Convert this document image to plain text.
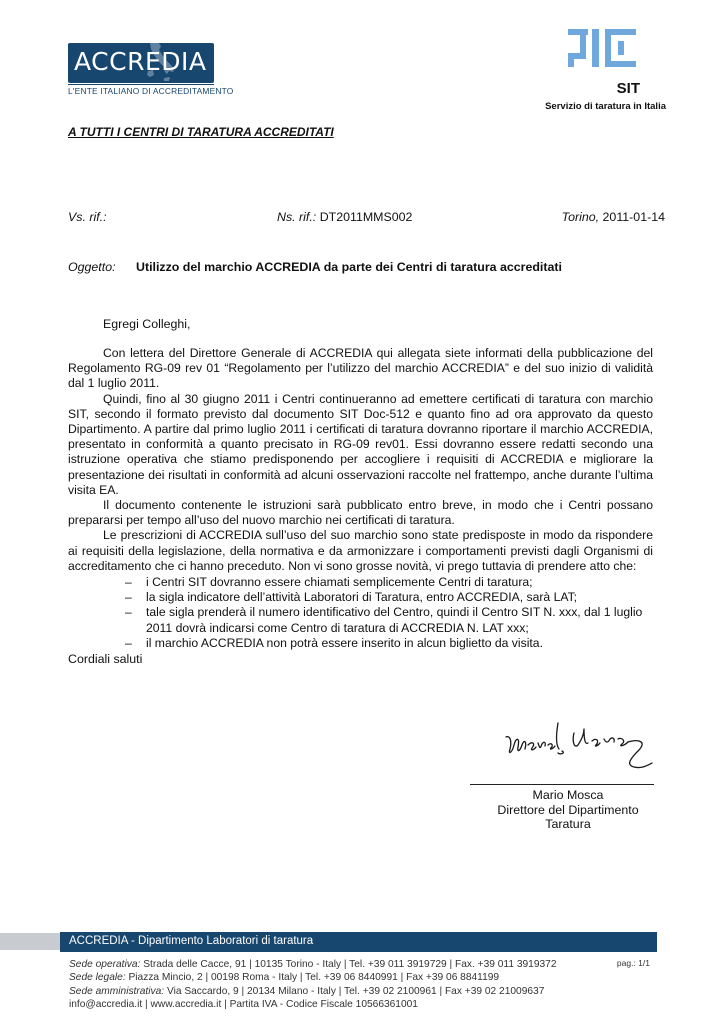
ACCREDIA
L'ENTE ITALIANO DI ACCREDITAMENTO	SIT
Servizio di taratura in Italia
A TUTTI I CENTRI DI TARATURA ACCREDITATI
Vs. rif.:	Ns. rif.: DT2011MMS002	Torino, 2011-01-14
Oggetto: Utilizzo del marchio ACCREDIA da parte dei Centri di taratura accreditati
Egregi Colleghi,

Con lettera del Direttore Generale di ACCREDIA qui allegata siete informati della pubblicazione del Regolamento RG-09 rev 01 “Regolamento per l’utilizzo del marchio ACCREDIA” e del suo inizio di validità dal 1 luglio 2011.

Quindi, fino al 30 giugno 2011 i Centri continueranno ad emettere certificati di taratura con marchio SIT, secondo il formato previsto dal documento SIT Doc-512 e quanto fino ad ora approvato da questo Dipartimento. A partire dal primo luglio 2011 i certificati di taratura dovranno riportare il marchio ACCREDIA, presentato in conformità a quanto precisato in RG-09 rev01. Essi dovranno essere redatti secondo una istruzione operativa che stiamo predisponendo per accogliere i requisiti di ACCREDIA e migliorare la presentazione dei risultati in conformità ad alcuni osservazioni raccolte nel frattempo, anche durante l’ultima visita EA.

Il documento contenente le istruzioni sarà pubblicato entro breve, in modo che i Centri possano prepararsi per tempo all’uso del nuovo marchio nei certificati di taratura.

Le prescrizioni di ACCREDIA sull’uso del suo marchio sono state predisposte in modo da rispondere ai requisiti della legislazione, della normativa e da armonizzare i comportamenti previsti dagli Organismi di accreditamento che ci hanno preceduto. Non vi sono grosse novità, vi prego tuttavia di prendere atto che:

– i Centri SIT dovranno essere chiamati semplicemente Centri di taratura;
– la sigla indicatore dell’attività Laboratori di Taratura, entro ACCREDIA, sarà LAT;
– tale sigla prenderà il numero identificativo del Centro, quindi il Centro SIT N. xxx, dal 1 luglio 2011 dovrà indicarsi come Centro di taratura di ACCREDIA N. LAT xxx;
– il marchio ACCREDIA non potrà essere inserito in alcun biglietto da visita.
Cordiali saluti
Mario Mosca
Direttore del Dipartimento
Taratura
ACCREDIA - Dipartimento Laboratori di taratura
Sede operativa: Strada delle Cacce, 91 | 10135 Torino - Italy | Tel. +39 011 3919729 | Fax. +39 011 3919372
Sede legale: Piazza Mincio, 2 | 00198 Roma - Italy | Tel. +39 06 8440991 | Fax +39 06 8841199
Sede amministrativa: Via Saccardo, 9 | 20134 Milano - Italy | Tel. +39 02 2100961 | Fax +39 02 21009637
info@accredia.it | www.accredia.it | Partita IVA - Codice Fiscale 10566361001
pag.: 1/1
